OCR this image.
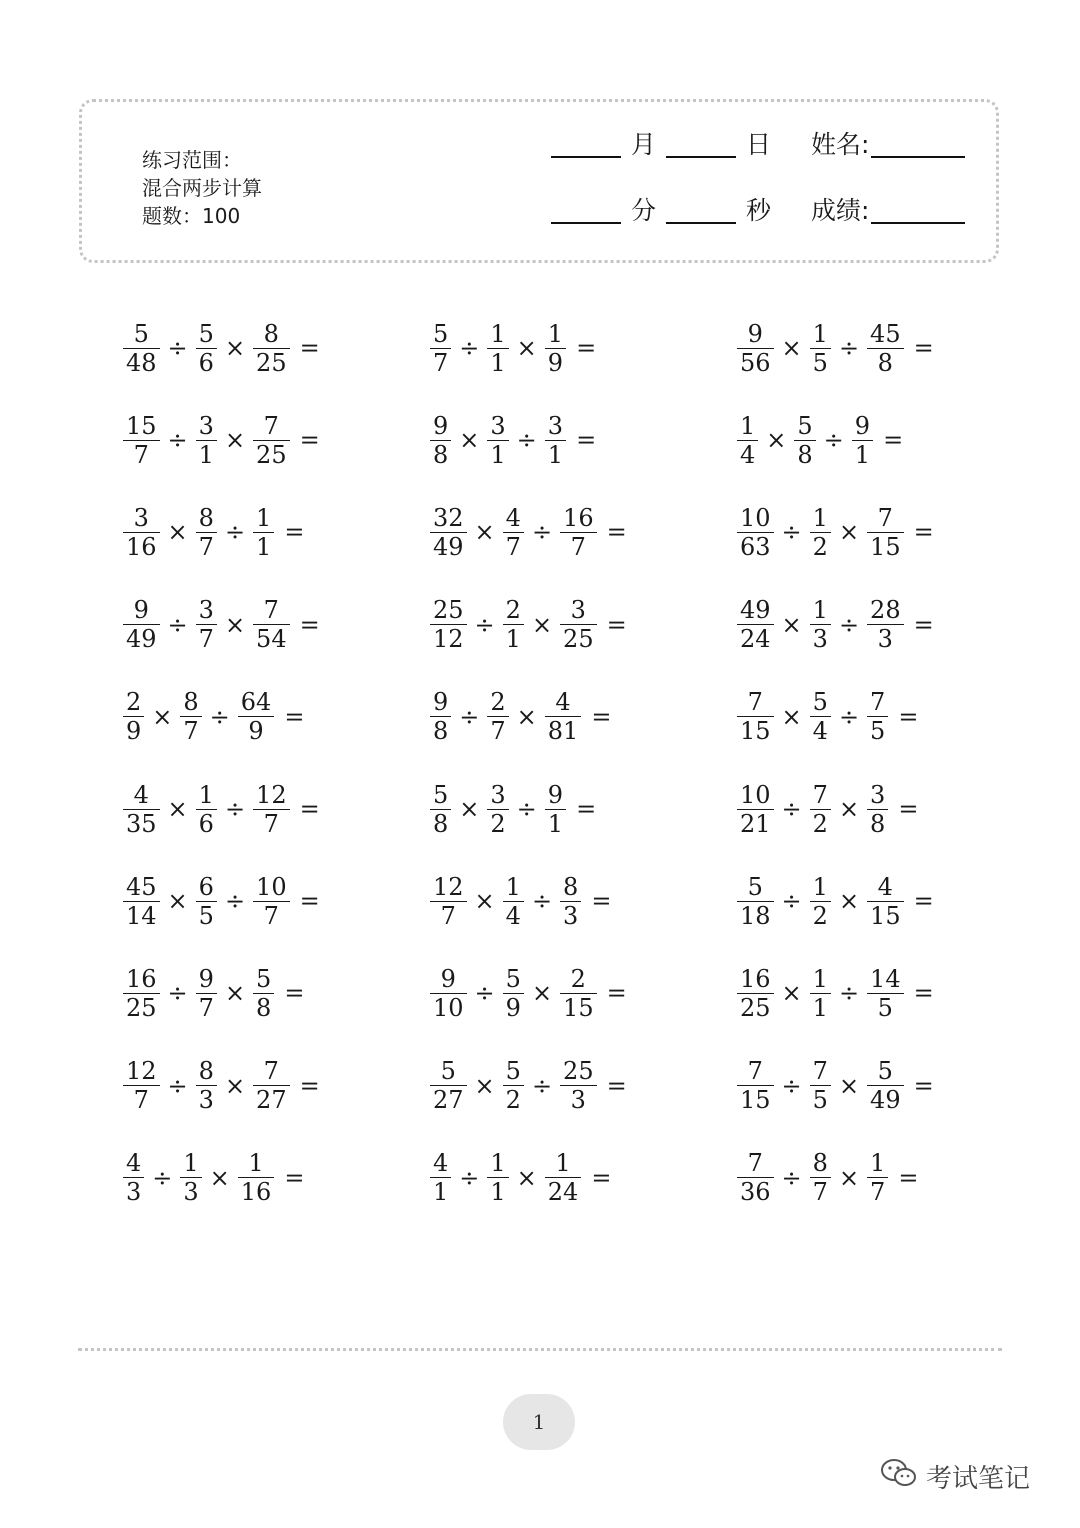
练习范围：
混合两步计算
题数：100
月	日 姓名:
分	秒 成绩:
$\frac{5}{48} \div \frac{5}{6} \times \frac{8}{25}$ =	$\frac{5}{7} \div \frac{1}{1} \times \frac{1}{9}$ =	$\frac{9}{56} \times \frac{1}{5} \div \frac{45}{8}$ =
$\frac{15}{7} \div \frac{3}{1} \times \frac{7}{25}$ =	$\frac{9}{8} \times \frac{3}{1} \div \frac{3}{1}$ =	$\frac{1}{4} \times \frac{5}{8} \div \frac{9}{1}$ =
$\frac{3}{16} \times \frac{8}{7} \div \frac{1}{1}$ =	$\frac{32}{49} \times \frac{4}{7} \div \frac{16}{7}$ =	$\frac{10}{63} \div \frac{1}{2} \times \frac{7}{15}$ =
$\frac{9}{49} \div \frac{3}{7} \times \frac{7}{54}$ =	$\frac{25}{12} \div \frac{2}{1} \times \frac{3}{25}$ =	$\frac{49}{24} \times \frac{1}{3} \div \frac{28}{3}$ =
$\frac{2}{9} \times \frac{8}{7} \div \frac{64}{9}$ =	$\frac{9}{8} \div \frac{2}{7} \times \frac{4}{81}$ =	$\frac{7}{15} \times \frac{5}{4} \div \frac{7}{5}$ =
$\frac{4}{35} \times \frac{1}{6} \div \frac{12}{7}$ =	$\frac{5}{8} \times \frac{3}{2} \div \frac{9}{1}$ =	$\frac{10}{21} \div \frac{7}{2} \times \frac{3}{8}$ =
$\frac{45}{14} \times \frac{6}{5} \div \frac{10}{7}$ =	$\frac{12}{7} \times \frac{1}{4} \div \frac{8}{3}$ =	$\frac{5}{18} \div \frac{1}{2} \times \frac{4}{15}$ =
$\frac{16}{25} \div \frac{9}{7} \times \frac{5}{8}$ =	$\frac{9}{10} \div \frac{5}{9} \times \frac{2}{15}$ =	$\frac{16}{25} \times \frac{1}{1} \div \frac{14}{5}$ =
$\frac{12}{7} \div \frac{8}{3} \times \frac{7}{27}$ =	$\frac{5}{27} \times \frac{5}{2} \div \frac{25}{3}$ =	$\frac{7}{15} \div \frac{7}{5} \times \frac{5}{49}$ =
$\frac{4}{3} \div \frac{1}{3} \times \frac{1}{16}$ =	$\frac{4}{1} \div \frac{1}{1} \times \frac{1}{24}$ =	$\frac{7}{36} \div \frac{8}{7} \times \frac{1}{7}$ =
1
考试笔记
